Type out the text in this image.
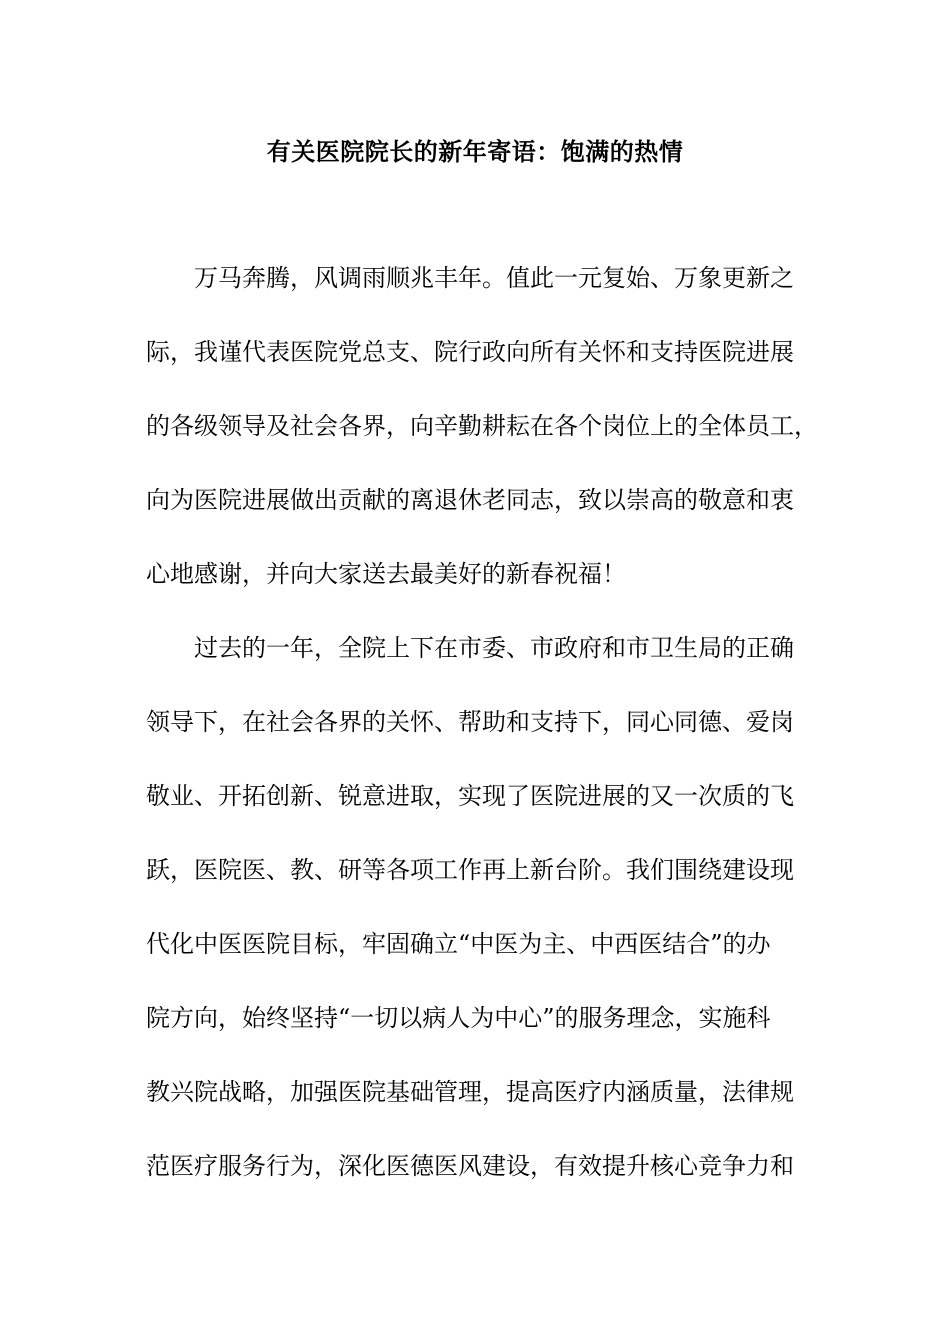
有关医院院长的新年寄语：饱满的热情
万马奔腾，风调雨顺兆丰年。值此一元复始、万象更新之
际，我谨代表医院党总支、院行政向所有关怀和支持医院进展
的各级领导及社会各界，向辛勤耕耘在各个岗位上的全体员工，
向为医院进展做出贡献的离退休老同志，致以崇高的敬意和衷
心地感谢，并向大家送去最美好的新春祝福！
过去的一年，全院上下在市委、市政府和市卫生局的正确
领导下，在社会各界的关怀、帮助和支持下，同心同德、爱岗
敬业、开拓创新、锐意进取，实现了医院进展的又一次质的飞
跃，医院医、教、研等各项工作再上新台阶。我们围绕建设现
代化中医医院目标，牢固确立“中医为主、中西医结合”的办
院方向，始终坚持“一切以病人为中心”的服务理念，实施科
教兴院战略，加强医院基础管理，提高医疗内涵质量，法律规
范医疗服务行为，深化医德医风建设，有效提升核心竞争力和
